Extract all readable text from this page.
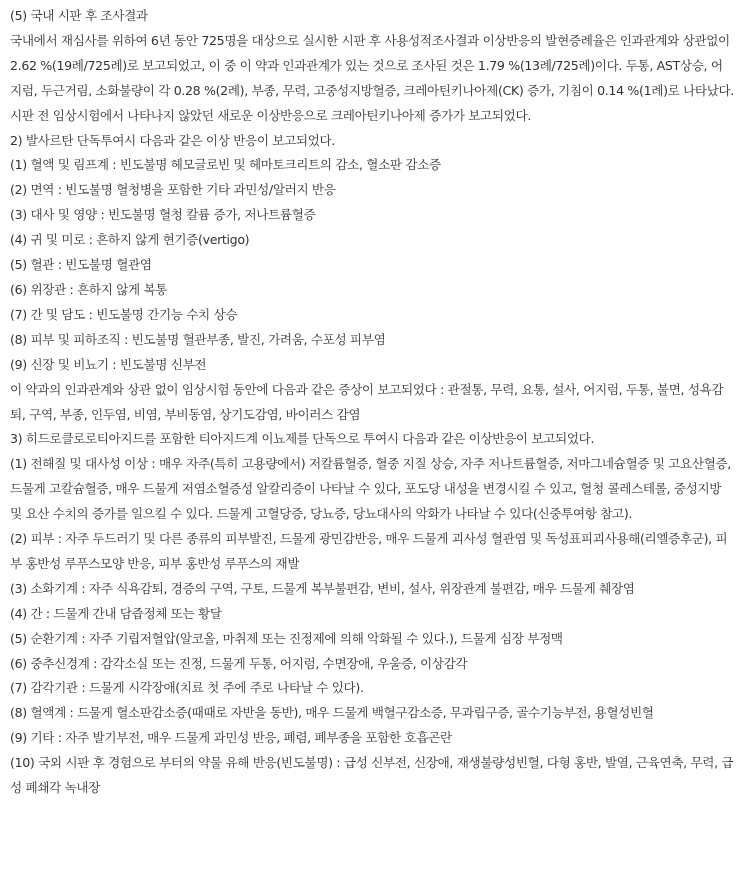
(5) 국내 시판 후 조사결과

국내에서 재심사를 위하여 6년 동안 725명을 대상으로 실시한 시판 후 사용성적조사결과 이상반응의 발현증례율은 인과관계와 상관없이 2.62 %(19례/725례)로 보고되었고, 이 중 이 약과 인과관계가 있는 것으로 조사된 것은 1.79 %(13례/725례)이다. 두통, AST상승, 어지럼, 두근거림, 소화불량이 각 0.28 %(2례), 부종, 무력, 고중성지방혈증, 크레아틴키나아제(CK) 증가, 기침이 0.14 %(1례)로 나타났다. 시판 전 임상시험에서 나타나지 않았던 새로운 이상반응으로 크레아틴키나아제 증가가 보고되었다.

2) 발사르탄 단독투여시 다음과 같은 이상 반응이 보고되었다.

(1) 혈액 및 림프계 : 빈도불명 헤모글로빈 및 헤마토크리트의 감소, 혈소판 감소증

(2) 면역 : 빈도불명 혈청병을 포함한 기타 과민성/알러지 반응

(3) 대사 및 영양 : 빈도불명 혈청 칼륨 증가, 저나트륨혈증

(4) 귀 및 미로 : 흔하지 않게 현기증(vertigo)

(5) 혈관 : 빈도불명 혈관염

(6) 위장관 : 흔하지 않게 복통

(7) 간 및 담도 : 빈도불명 간기능 수치 상승

(8) 피부 및 피하조직 : 빈도불명 혈관부종, 발진, 가려움, 수포성 피부염

(9) 신장 및 비뇨기 : 빈도불명 신부전

이 약과의 인과관계와 상관 없이 임상시험 동안에 다음과 같은 증상이 보고되었다 : 관절통, 무력, 요통, 설사, 어지럼, 두통, 불면, 성욕감퇴, 구역, 부종, 인두염, 비염, 부비동염, 상기도감염, 바이러스 감염

3) 히드로클로로티아지드를 포함한 티아지드계 이뇨제를 단독으로 투여시 다음과 같은 이상반응이 보고되었다.

(1) 전해질 및 대사성 이상 : 매우 자주(특히 고용량에서) 저칼륨혈증, 혈중 지질 상승, 자주 저나트륨혈증, 저마그네슘혈증 및 고요산혈증, 드물게 고칼슘혈증, 매우 드물게 저염소혈증성 알칼리증이 나타날 수 있다, 포도당 내성을 변경시킬 수 있고, 혈청 콜레스테롤, 중성지방 및 요산 수치의 증가를 일으킬 수 있다. 드물게 고혈당증, 당뇨증, 당뇨대사의 악화가 나타날 수 있다(신중투여항 참고).

(2) 피부 : 자주 두드러기 및 다른 종류의 피부발진, 드물게 광민감반응, 매우 드물게 괴사성 혈관염 및 독성표피괴사용해(리엘증후군), 피부 홍반성 루푸스모양 반응, 피부 홍반성 루푸스의 재발

(3) 소화기계 : 자주 식욕감퇴, 경증의 구역, 구토, 드물게 복부불편감, 변비, 설사, 위장관계 불편감, 매우 드물게 췌장염

(4) 간 : 드물게 간내 담즙정체 또는 황달

(5) 순환기계 : 자주 기립저혈압(알코올, 마취제 또는 진정제에 의해 악화될 수 있다.), 드물게 심장 부정맥

(6) 중추신경계 : 감각소실 또는 진정, 드물게 두통, 어지럼, 수면장애, 우울증, 이상감각

(7) 감각기관 : 드물게 시각장애(치료 첫 주에 주로 나타날 수 있다).

(8) 혈액계 : 드물게 혈소판감소증(때때로 자반을 동반), 매우 드물게 백혈구감소증, 무과립구증, 골수기능부전, 용혈성빈혈

(9) 기타 : 자주 발기부전, 매우 드물게 과민성 반응, 폐렴, 폐부종을 포함한 호흡곤란

(10) 국외 시판 후 경험으로 부터의 약물 유해 반응(빈도불명) : 급성 신부전, 신장애, 재생불량성빈혈, 다형 홍반, 발열, 근육연축, 무력, 급성 폐쇄각 녹내장
